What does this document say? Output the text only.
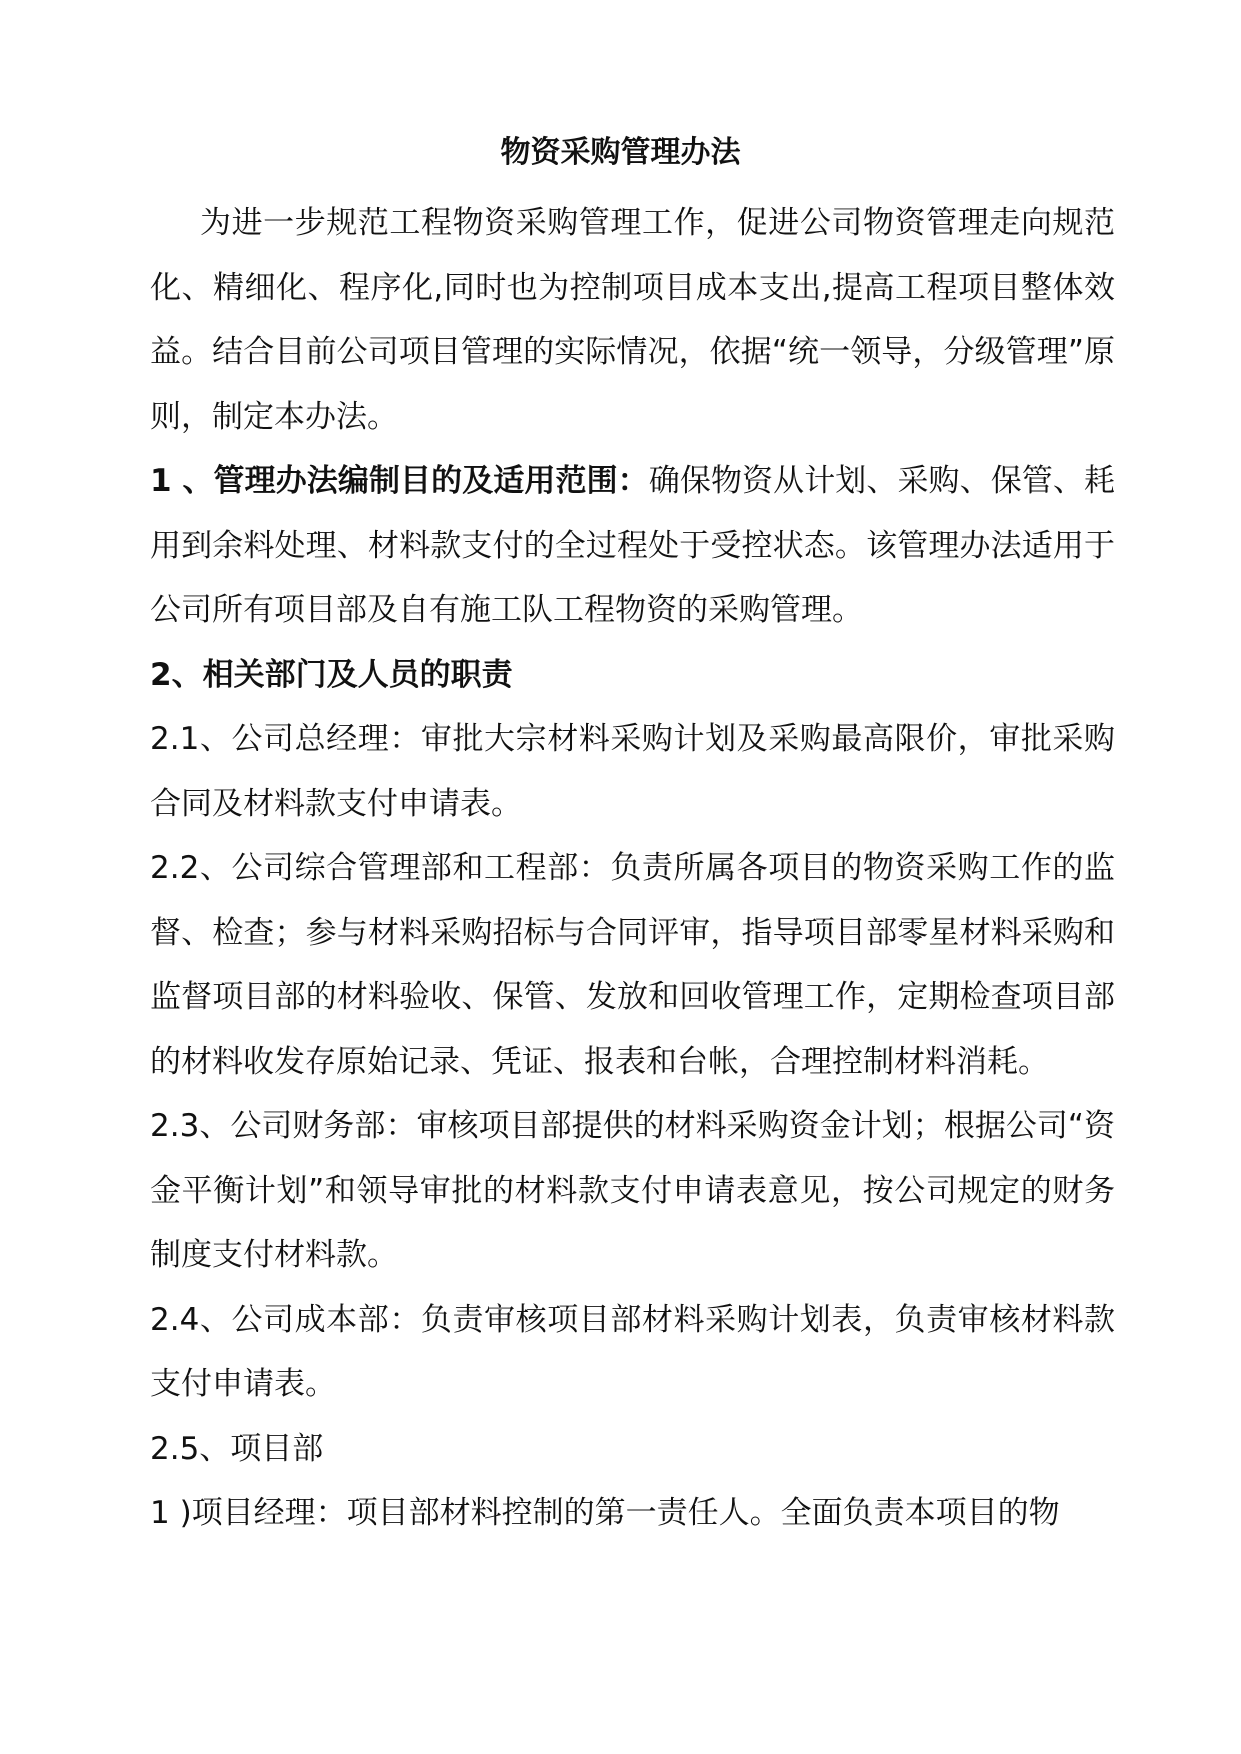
物资采购管理办法

为进一步规范工程物资采购管理工作，促进公司物资管理走向规范化、精细化、程序化,同时也为控制项目成本支出,提高工程项目整体效益。结合目前公司项目管理的实际情况，依据“统一领导，分级管理”原则，制定本办法。

1 、管理办法编制目的及适用范围：确保物资从计划、采购、保管、耗用到余料处理、材料款支付的全过程处于受控状态。该管理办法适用于公司所有项目部及自有施工队工程物资的采购管理。

2、相关部门及人员的职责

2.1、公司总经理：审批大宗材料采购计划及采购最高限价，审批采购合同及材料款支付申请表。

2.2、公司综合管理部和工程部：负责所属各项目的物资采购工作的监督、检查；参与材料采购招标与合同评审，指导项目部零星材料采购和监督项目部的材料验收、保管、发放和回收管理工作，定期检查项目部的材料收发存原始记录、凭证、报表和台帐，合理控制材料消耗。

2.3、公司财务部：审核项目部提供的材料采购资金计划；根据公司“资金平衡计划”和领导审批的材料款支付申请表意见，按公司规定的财务制度支付材料款。

2.4、公司成本部：负责审核项目部材料采购计划表，负责审核材料款支付申请表。

2.5、项目部

1 )项目经理：项目部材料控制的第一责任人。全面负责本项目的物
